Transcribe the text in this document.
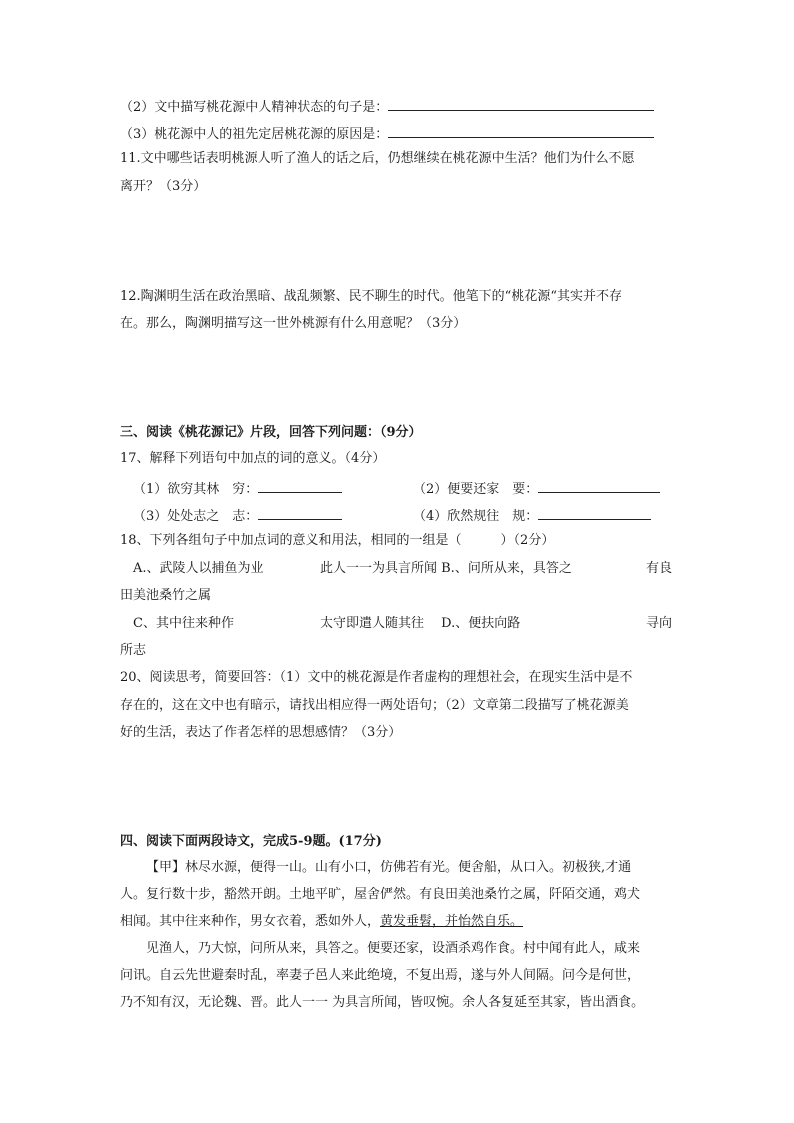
（2）文中描写桃花源中人精神状态的句子是：
（3）桃花源中人的祖先定居桃花源的原因是：
11.文中哪些话表明桃源人听了渔人的话之后，仍想继续在桃花源中生活？他们为什么不愿
离开？（3分）
12.陶渊明生活在政治黑暗、战乱频繁、民不聊生的时代。他笔下的“桃花源“其实并不存
在。那么，陶渊明描写这一世外桃源有什么用意呢？（3分）
三、阅读《桃花源记》片段，回答下列问题：（9分）
17、解释下列语句中加点的词的意义。（4分）
（1）欲穷其林　穷：	（2）便要还家　要：
（3）处处志之　志：	（4）欣然规往　规：
18、下列各组句子中加点词的意义和用法，相同的一组是（　　　）（2分）
A.、武陵人以捕鱼为业	此人一一为具言所闻 B.、问所从来，具答之	有良
田美池桑竹之属
C、其中往来种作	太守即遣人随其往　 D.、便扶向路	寻向
所志
20、阅读思考，简要回答：（1）文中的桃花源是作者虚构的理想社会，在现实生活中是不
存在的，这在文中也有暗示，请找出相应得一两处语句；（2）文章第二段描写了桃花源美
好的生活，表达了作者怎样的思想感情？（3分）
四、阅读下面两段诗文，完成5-9题。(17分)
【甲】林尽水源，便得一山。山有小口，仿佛若有光。便舍船，从口入。初极狭,才通
人。复行数十步，豁然开朗。土地平旷，屋舍俨然。有良田美池桑竹之属，阡陌交通，鸡犬
相闻。其中往来种作，男女衣着，悉如外人，黄发垂髫，并怡然自乐。
见渔人，乃大惊，问所从来，具答之。便要还家，设酒杀鸡作食。村中闻有此人，咸来
问讯。自云先世避秦时乱，率妻子邑人来此绝境，不复出焉，遂与外人间隔。问今是何世，
乃不知有汉，无论魏、晋。此人一一 为具言所闻，皆叹惋。余人各复延至其家，皆出酒食。
